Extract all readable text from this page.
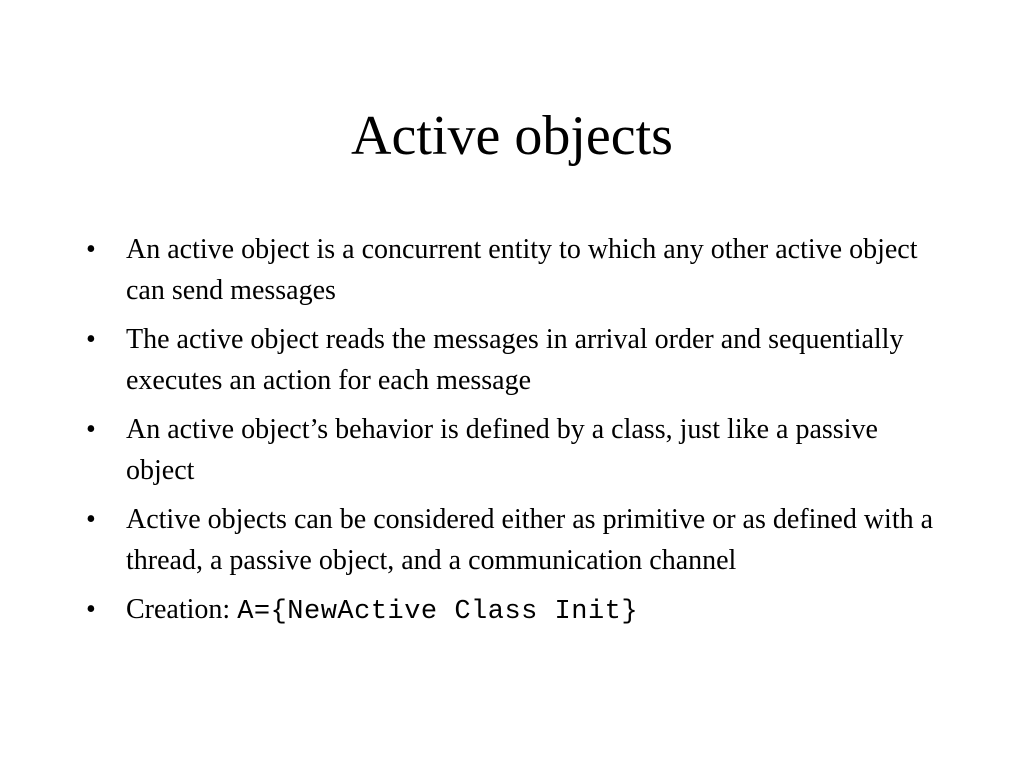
Active objects
•	An active object is a concurrent entity to which any other active object can send messages
•	The active object reads the messages in arrival order and sequentially executes an action for each message
•	An active object’s behavior is defined by a class, just like a passive object
•	Active objects can be considered either as primitive or as defined with a thread, a passive object, and a communication channel
•	Creation: A={NewActive Class Init}
